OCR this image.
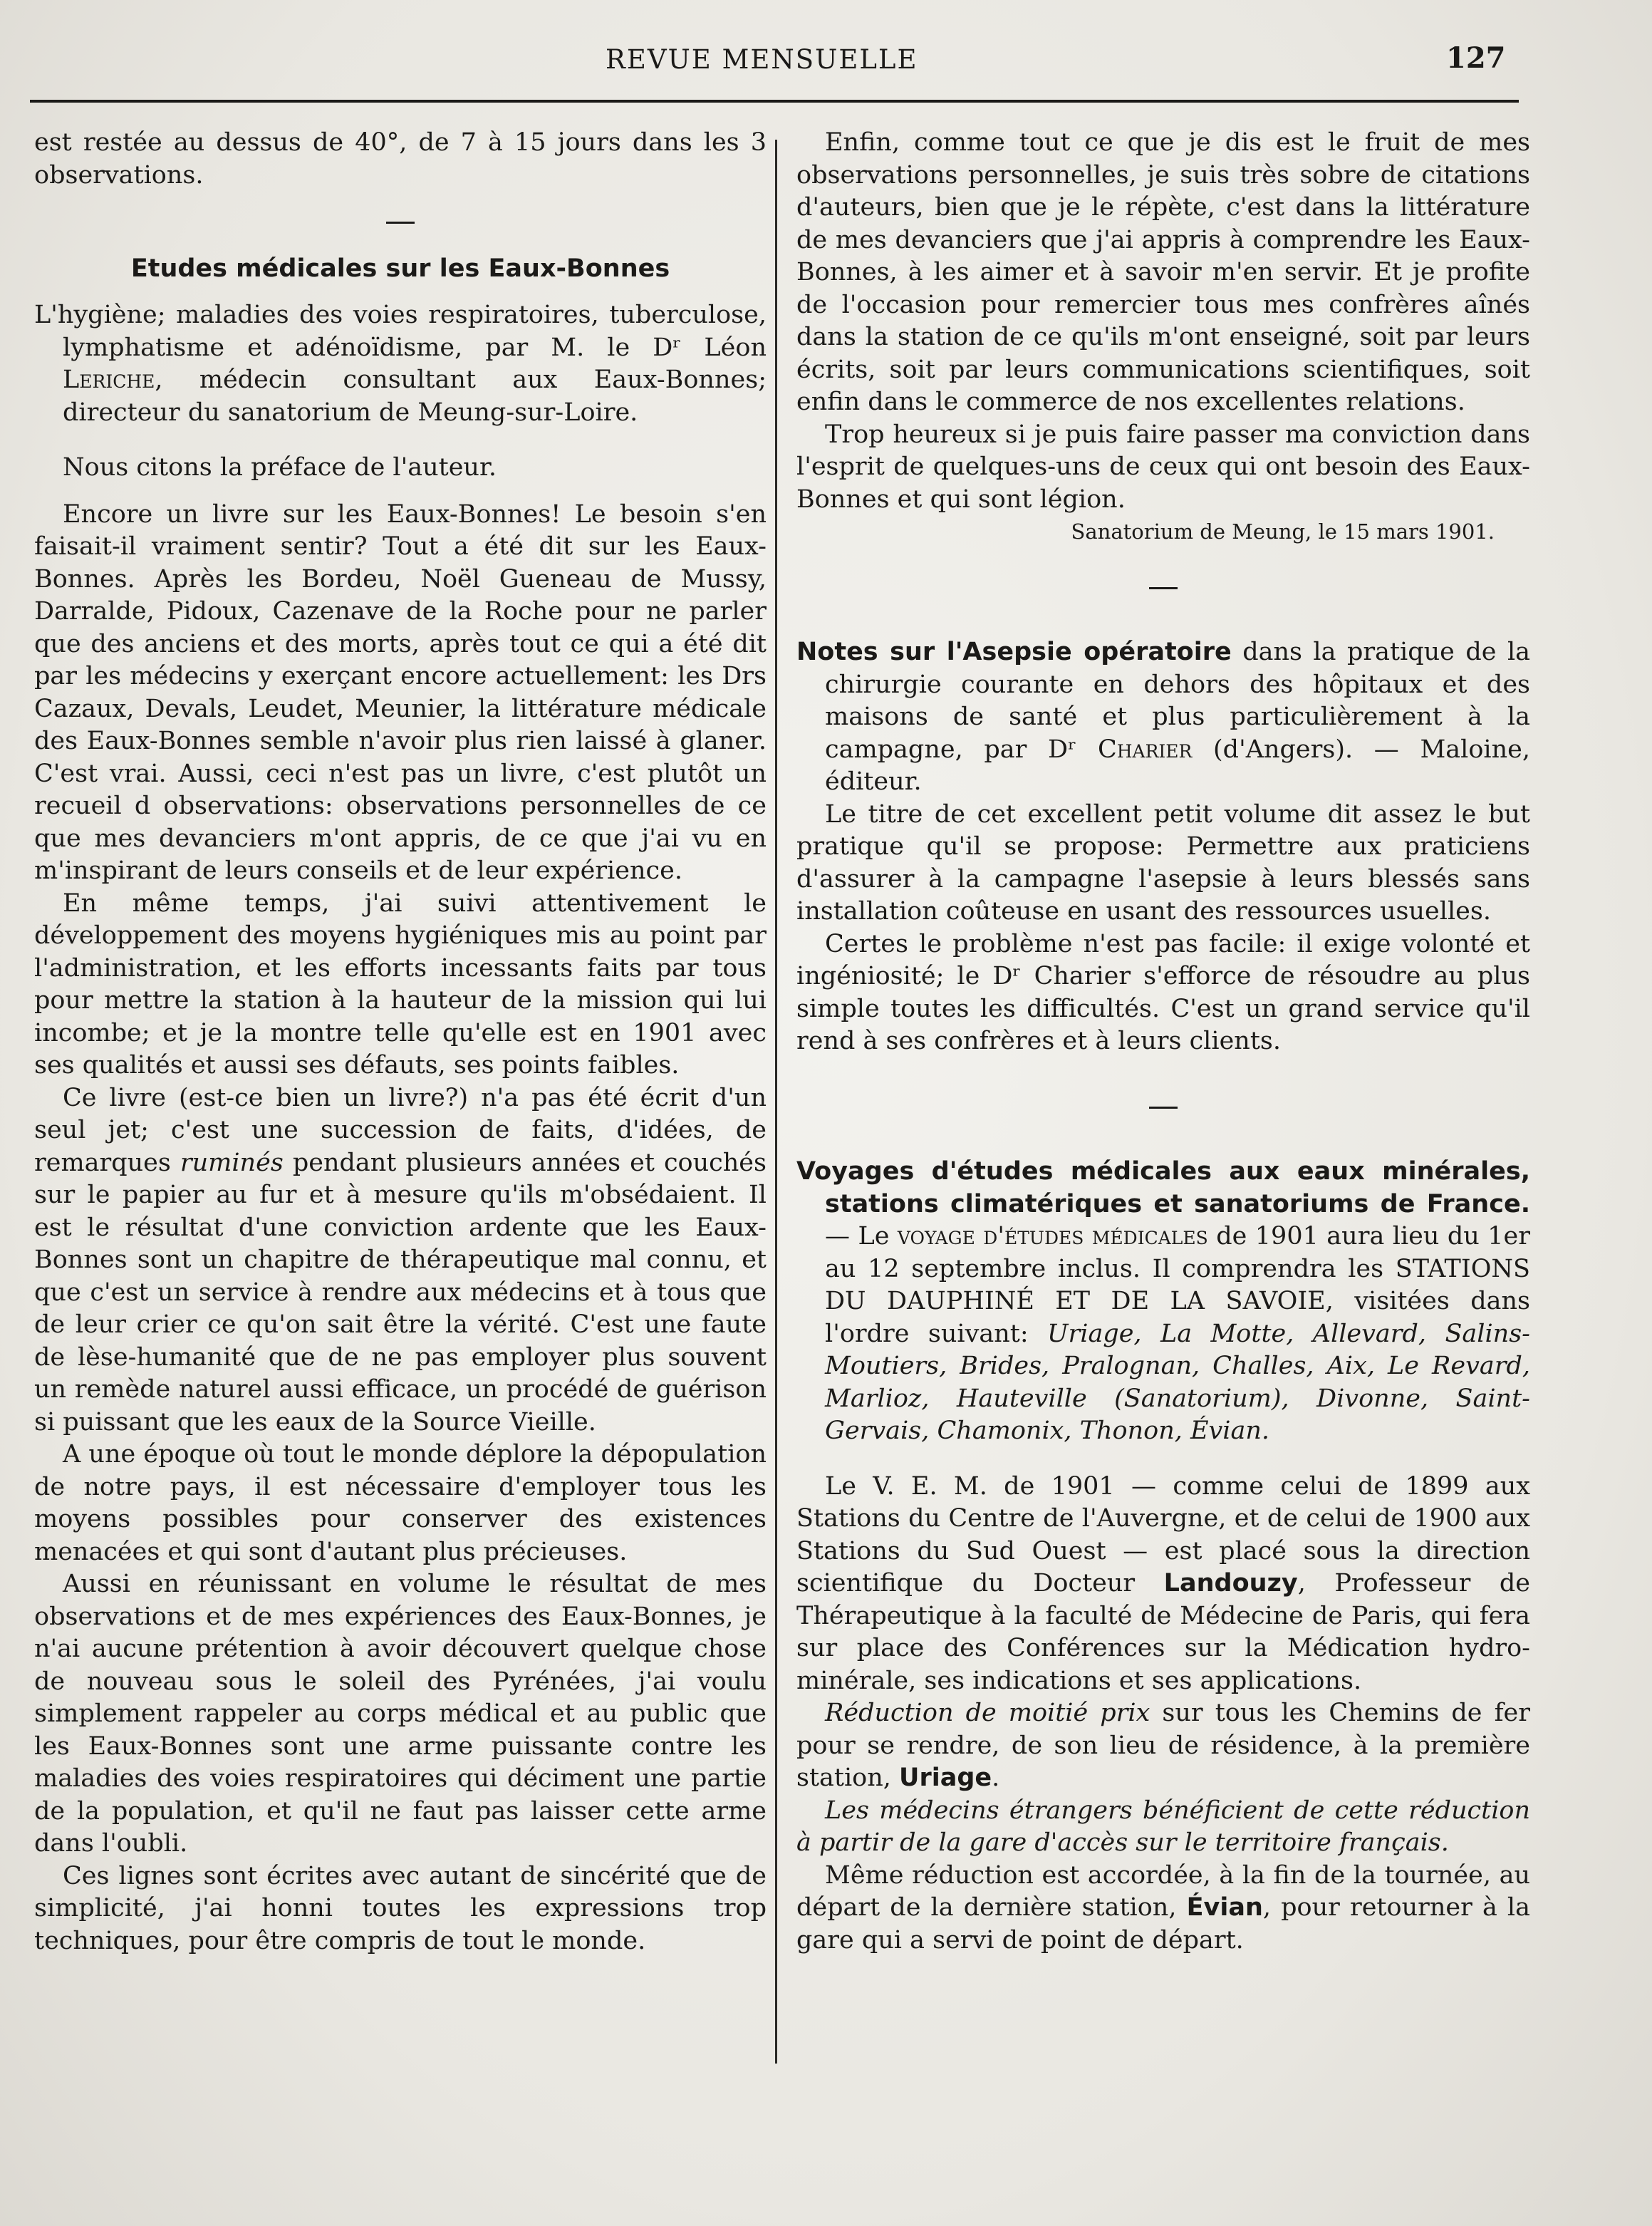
REVUE MENSUELLE	127

est restée au dessus de 40°, de 7 à 15 jours dans les 3 observations.

Etudes médicales sur les Eaux-Bonnes

L'hygiène; maladies des voies respiratoires, tuberculose, lymphatisme et adénoïdisme, par M. le Dʳ Léon Leriche, médecin consultant aux Eaux-Bonnes; directeur du sanatorium de Meung-sur-Loire.

Nous citons la préface de l'auteur.

Encore un livre sur les Eaux-Bonnes! Le besoin s'en faisait-il vraiment sentir? Tout a été dit sur les Eaux-Bonnes. Après les Bordeu, Noël Gueneau de Mussy, Darralde, Pidoux, Cazenave de la Roche pour ne parler que des anciens et des morts, après tout ce qui a été dit par les médecins y exerçant encore actuellement: les Drs Cazaux, Devals, Leudet, Meunier, la littérature médicale des Eaux-Bonnes semble n'avoir plus rien laissé à glaner. C'est vrai. Aussi, ceci n'est pas un livre, c'est plutôt un recueil d observations: observations personnelles de ce que mes devanciers m'ont appris, de ce que j'ai vu en m'inspirant de leurs conseils et de leur expérience.

En même temps, j'ai suivi attentivement le développement des moyens hygiéniques mis au point par l'administration, et les efforts incessants faits par tous pour mettre la station à la hauteur de la mission qui lui incombe; et je la montre telle qu'elle est en 1901 avec ses qualités et aussi ses défauts, ses points faibles.

Ce livre (est-ce bien un livre?) n'a pas été écrit d'un seul jet; c'est une succession de faits, d'idées, de remarques ruminés pendant plusieurs années et couchés sur le papier au fur et à mesure qu'ils m'obsédaient. Il est le résultat d'une conviction ardente que les Eaux-Bonnes sont un chapitre de thérapeutique mal connu, et que c'est un service à rendre aux médecins et à tous que de leur crier ce qu'on sait être la vérité. C'est une faute de lèse-humanité que de ne pas employer plus souvent un remède naturel aussi efficace, un procédé de guérison si puissant que les eaux de la Source Vieille.

A une époque où tout le monde déplore la dépopulation de notre pays, il est nécessaire d'employer tous les moyens possibles pour conserver des existences menacées et qui sont d'autant plus précieuses.

Aussi en réunissant en volume le résultat de mes observations et de mes expériences des Eaux-Bonnes, je n'ai aucune prétention à avoir découvert quelque chose de nouveau sous le soleil des Pyrénées, j'ai voulu simplement rappeler au corps médical et au public que les Eaux-Bonnes sont une arme puissante contre les maladies des voies respiratoires qui déciment une partie de la population, et qu'il ne faut pas laisser cette arme dans l'oubli.

Ces lignes sont écrites avec autant de sincérité que de simplicité, j'ai honni toutes les expressions trop techniques, pour être compris de tout le monde.

Enfin, comme tout ce que je dis est le fruit de mes observations personnelles, je suis très sobre de citations d'auteurs, bien que je le répète, c'est dans la littérature de mes devanciers que j'ai appris à comprendre les Eaux-Bonnes, à les aimer et à savoir m'en servir. Et je profite de l'occasion pour remercier tous mes confrères aînés dans la station de ce qu'ils m'ont enseigné, soit par leurs écrits, soit par leurs communications scientifiques, soit enfin dans le commerce de nos excellentes relations.

Trop heureux si je puis faire passer ma conviction dans l'esprit de quelques-uns de ceux qui ont besoin des Eaux-Bonnes et qui sont légion.

Sanatorium de Meung, le 15 mars 1901.

Notes sur l'Asepsie opératoire dans la pratique de la chirurgie courante en dehors des hôpitaux et des maisons de santé et plus particulièrement à la campagne, par Dʳ Charier (d'Angers). — Maloine, éditeur.

Le titre de cet excellent petit volume dit assez le but pratique qu'il se propose: Permettre aux praticiens d'assurer à la campagne l'asepsie à leurs blessés sans installation coûteuse en usant des ressources usuelles.

Certes le problème n'est pas facile: il exige volonté et ingéniosité; le Dʳ Charier s'efforce de résoudre au plus simple toutes les difficultés. C'est un grand service qu'il rend à ses confrères et à leurs clients.

Voyages d'études médicales aux eaux minérales, stations climatériques et sanatoriums de France. — Le voyage d'études médicales de 1901 aura lieu du 1er au 12 septembre inclus. Il comprendra les STATIONS DU DAUPHINÉ ET DE LA SAVOIE, visitées dans l'ordre suivant: Uriage, La Motte, Allevard, Salins-Moutiers, Brides, Pralognan, Challes, Aix, Le Revard, Marlioz, Hauteville (Sanatorium), Divonne, Saint-Gervais, Chamonix, Thonon, Évian.

Le V. E. M. de 1901 — comme celui de 1899 aux Stations du Centre de l'Auvergne, et de celui de 1900 aux Stations du Sud Ouest — est placé sous la direction scientifique du Docteur Landouzy, Professeur de Thérapeutique à la faculté de Médecine de Paris, qui fera sur place des Conférences sur la Médication hydro-minérale, ses indications et ses applications.

Réduction de moitié prix sur tous les Chemins de fer pour se rendre, de son lieu de résidence, à la première station, Uriage.

Les médecins étrangers bénéficient de cette réduction à partir de la gare d'accès sur le territoire français.

Même réduction est accordée, à la fin de la tournée, au départ de la dernière station, Évian, pour retourner à la gare qui a servi de point de départ.
